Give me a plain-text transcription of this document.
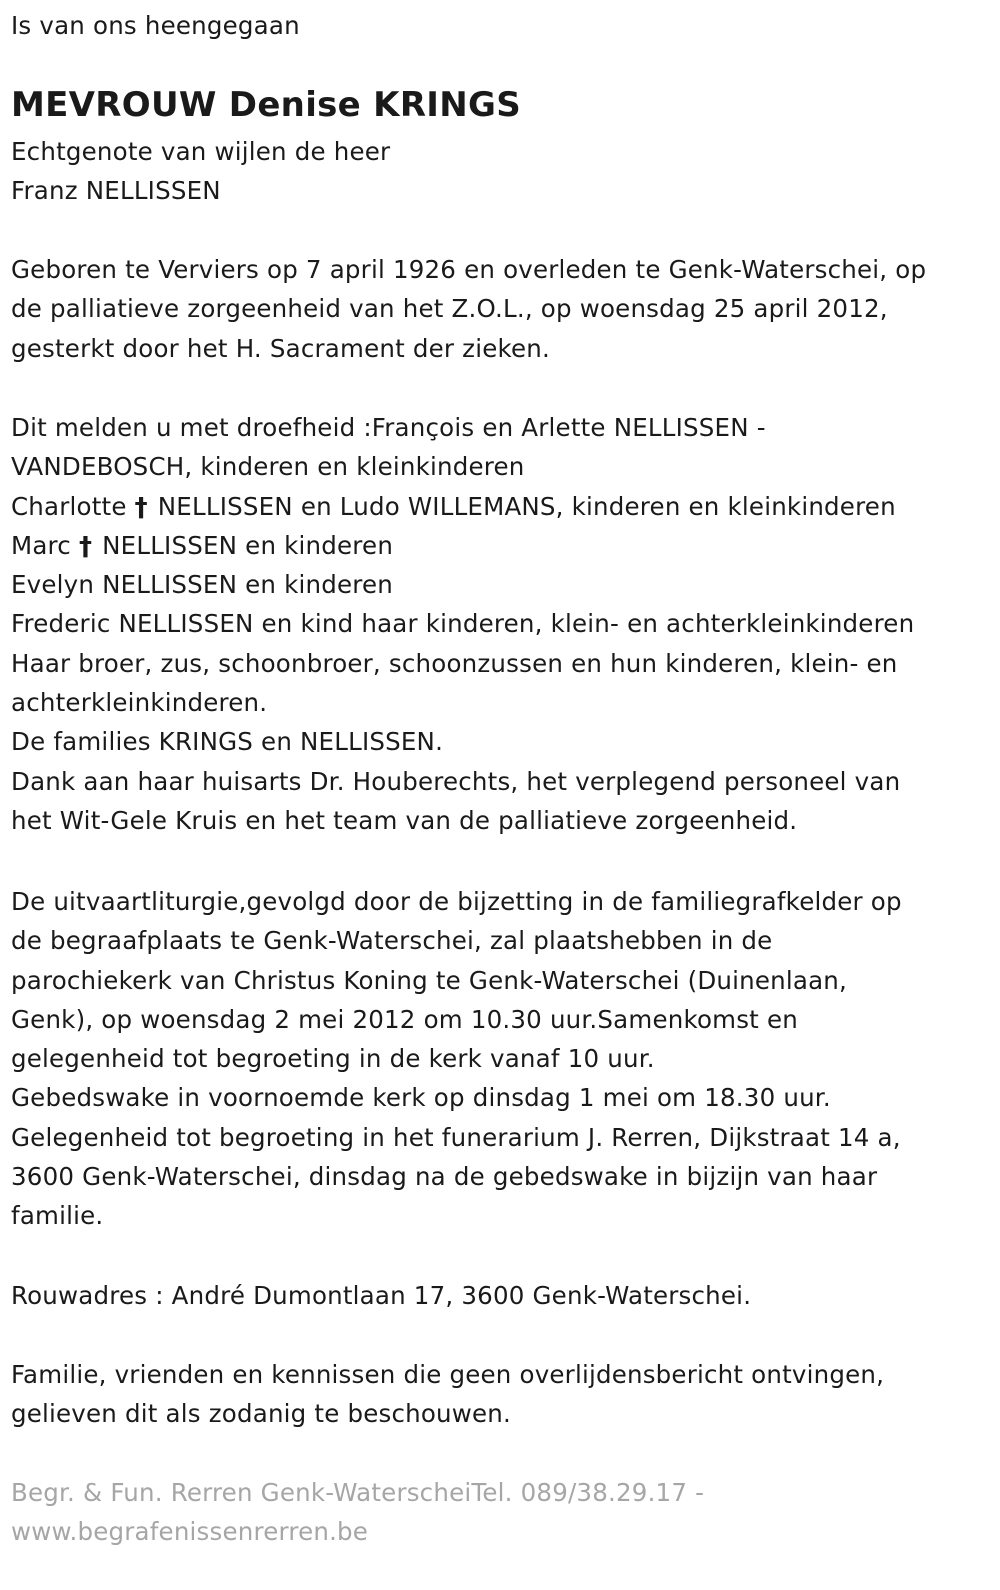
Is van ons heengegaan
MEVROUW Denise KRINGS
Echtgenote van wijlen de heer
Franz NELLISSEN
Geboren te Verviers op 7 april 1926 en overleden te Genk-Waterschei, op
de palliatieve zorgeenheid van het Z.O.L., op woensdag 25 april 2012,
gesterkt door het H. Sacrament der zieken.
Dit melden u met droefheid :François en Arlette NELLISSEN -
VANDEBOSCH, kinderen en kleinkinderen
Charlotte † NELLISSEN en Ludo WILLEMANS, kinderen en kleinkinderen
Marc † NELLISSEN en kinderen
Evelyn NELLISSEN en kinderen
Frederic NELLISSEN en kind haar kinderen, klein- en achterkleinkinderen
Haar broer, zus, schoonbroer, schoonzussen en hun kinderen, klein- en
achterkleinkinderen.
De families KRINGS en NELLISSEN.
Dank aan haar huisarts Dr. Houberechts, het verplegend personeel van
het Wit-Gele Kruis en het team van de palliatieve zorgeenheid.
De uitvaartliturgie,gevolgd door de bijzetting in de familiegrafkelder op
de begraafplaats te Genk-Waterschei, zal plaatshebben in de
parochiekerk van Christus Koning te Genk-Waterschei (Duinenlaan,
Genk), op woensdag 2 mei 2012 om 10.30 uur.Samenkomst en
gelegenheid tot begroeting in de kerk vanaf 10 uur.
Gebedswake in voornoemde kerk op dinsdag 1 mei om 18.30 uur.
Gelegenheid tot begroeting in het funerarium J. Rerren, Dijkstraat 14 a,
3600 Genk-Waterschei, dinsdag na de gebedswake in bijzijn van haar
familie.
Rouwadres : André Dumontlaan 17, 3600 Genk-Waterschei.
Familie, vrienden en kennissen die geen overlijdensbericht ontvingen,
gelieven dit als zodanig te beschouwen.
Begr. & Fun. Rerren Genk-WaterscheiTel. 089/38.29.17 -
www.begrafenissenrerren.be
